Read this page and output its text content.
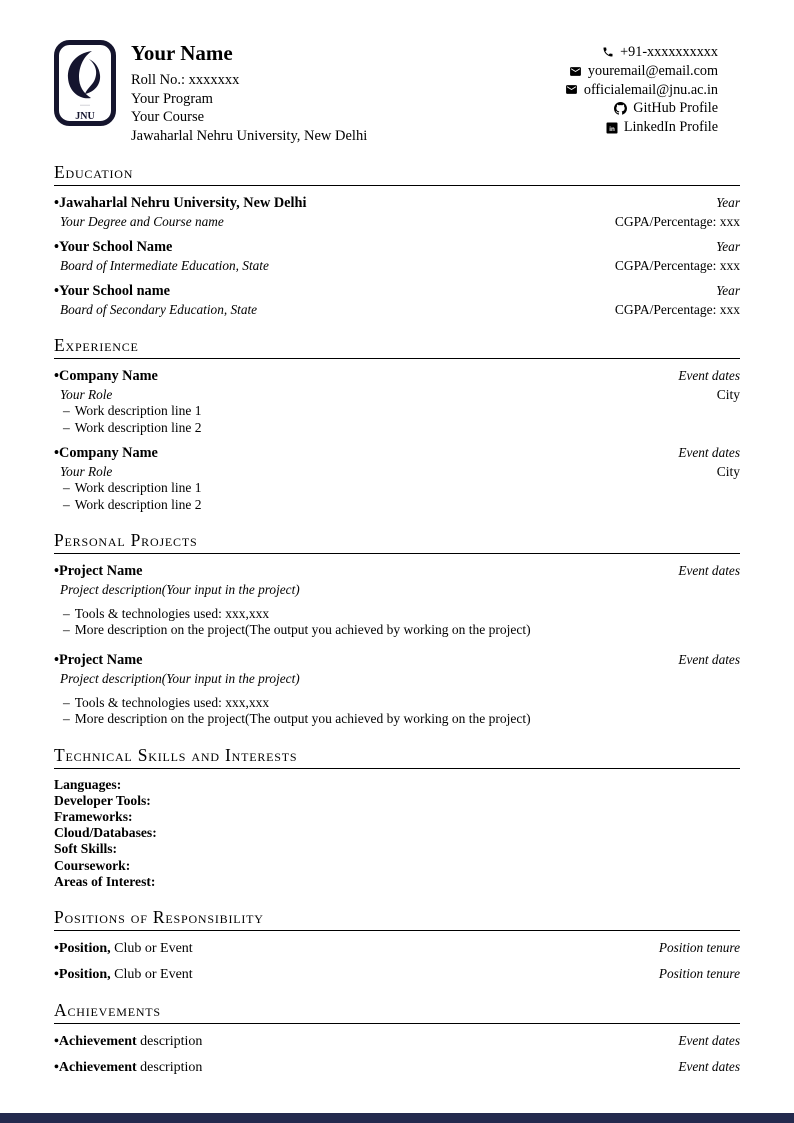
·····
JNU
Your Name
Roll No.: xxxxxxx
Your Program
Your Course
Jawaharlal Nehru University, New Delhi
+91-xxxxxxxxxx
youremail@email.com
officialemail@jnu.ac.in
GitHub Profile
in LinkedIn Profile
Education
•Jawaharlal Nehru University, New Delhi	Year
Your Degree and Course name	CGPA/Percentage: xxx
•Your School Name	Year
Board of Intermediate Education, State	CGPA/Percentage: xxx
•Your School name	Year
Board of Secondary Education, State	CGPA/Percentage: xxx
Experience
•Company Name	Event dates
Your Role	City
– Work description line 1
– Work description line 2
•Company Name	Event dates
Your Role	City
– Work description line 1
– Work description line 2
Personal Projects
•Project Name	Event dates
Project description(Your input in the project)
– Tools & technologies used: xxx,xxx
– More description on the project(The output you achieved by working on the project)
•Project Name	Event dates
Project description(Your input in the project)
– Tools & technologies used: xxx,xxx
– More description on the project(The output you achieved by working on the project)
Technical Skills and Interests
Languages:
Developer Tools:
Frameworks:
Cloud/Databases:
Soft Skills:
Coursework:
Areas of Interest:
Positions of Responsibility
•Position, Club or Event	Position tenure
•Position, Club or Event	Position tenure
Achievements
•Achievement description	Event dates
•Achievement description	Event dates
